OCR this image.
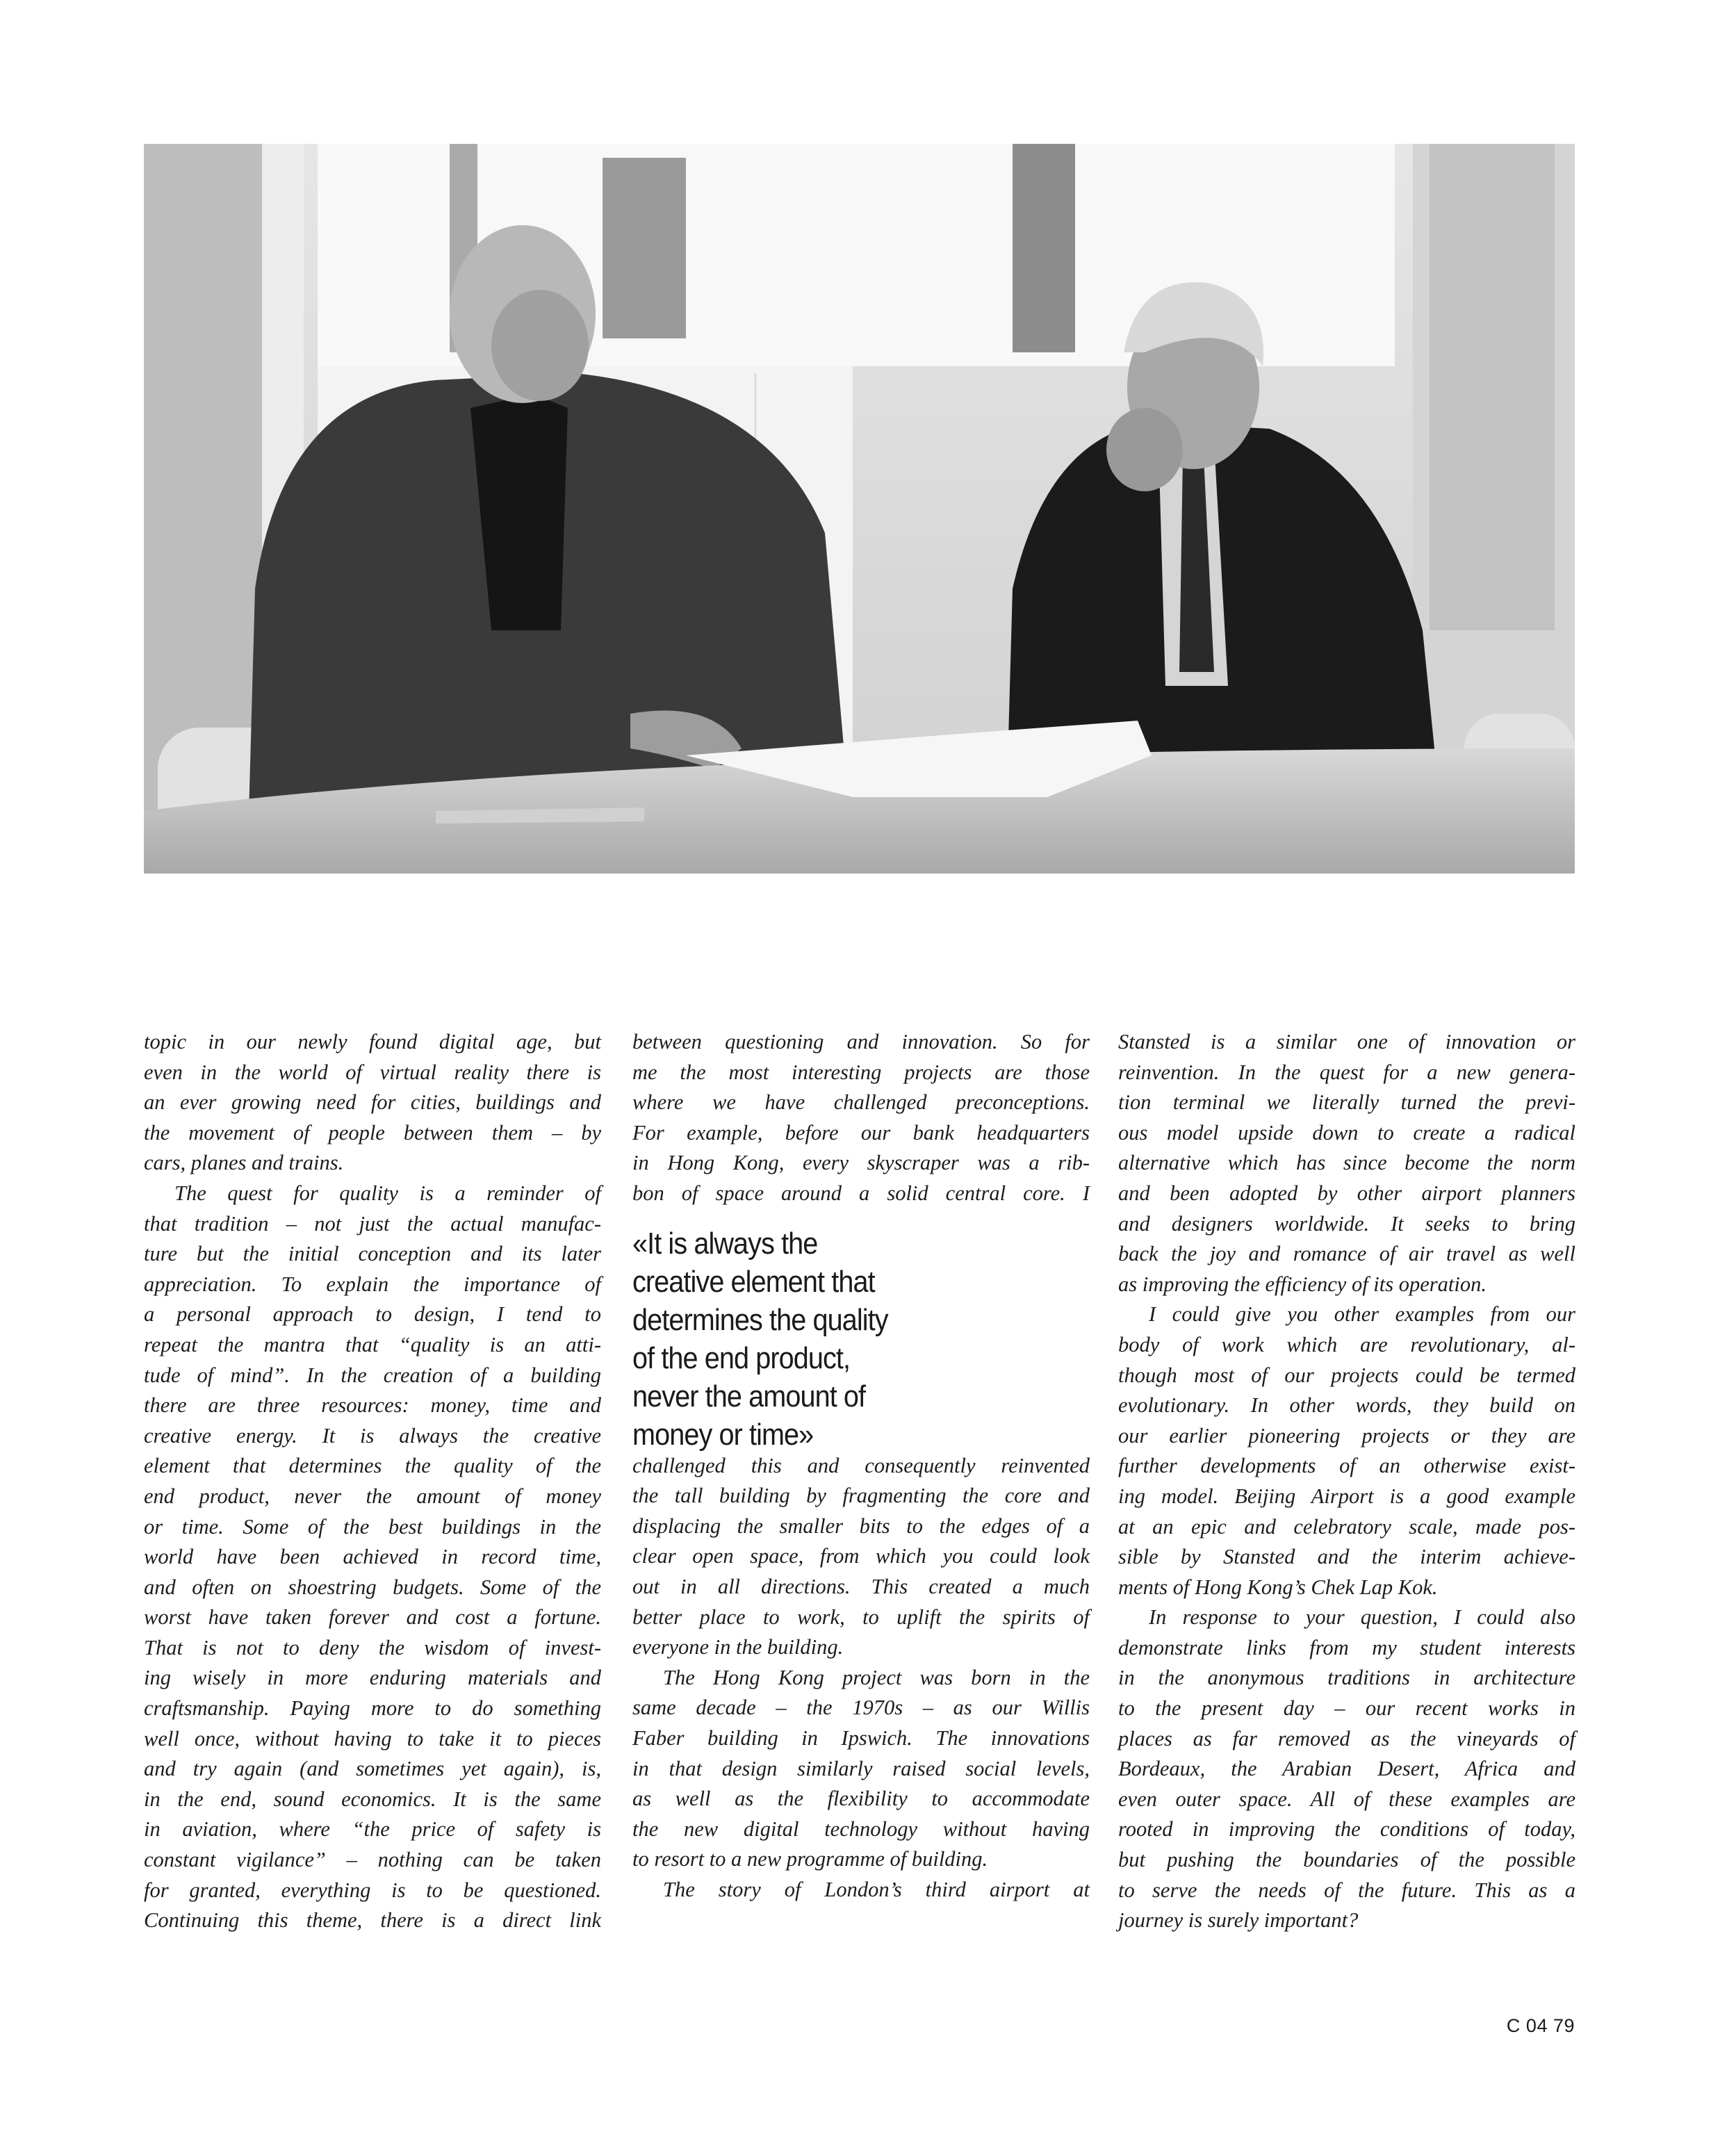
topic in our newly found digital age, but
even in the world of virtual reality there is
an ever growing need for cities, buildings and
the movement of people between them – by
cars, planes and trains.
The quest for quality is a reminder of
that tradition – not just the actual manufac-
ture but the initial conception and its later
appreciation. To explain the importance of
a personal approach to design, I tend to
repeat the mantra that “quality is an atti-
tude of mind”. In the creation of a building
there are three resources: money, time and
creative energy. It is always the creative
element that determines the quality of the
end product, never the amount of money
or time. Some of the best buildings in the
world have been achieved in record time,
and often on shoestring budgets. Some of the
worst have taken forever and cost a fortune.
That is not to deny the wisdom of invest-
ing wisely in more enduring materials and
craftsmanship. Paying more to do something
well once, without having to take it to pieces
and try again (and sometimes yet again), is,
in the end, sound economics. It is the same
in aviation, where “the price of safety is
constant vigilance” – nothing can be taken
for granted, everything is to be questioned.
Continuing this theme, there is a direct link
between questioning and innovation. So for
me the most interesting projects are those
where we have challenged preconceptions.
For example, before our bank headquarters
in Hong Kong, every skyscraper was a rib-
bon of space around a solid central core. I
«It is always the
creative element that
determines the quality
of the end product,
never the amount of
money or time»
challenged this and consequently reinvented
the tall building by fragmenting the core and
displacing the smaller bits to the edges of a
clear open space, from which you could look
out in all directions. This created a much
better place to work, to uplift the spirits of
everyone in the building.
The Hong Kong project was born in the
same decade – the 1970s – as our Willis
Faber building in Ipswich. The innovations
in that design similarly raised social levels,
as well as the flexibility to accommodate
the new digital technology without having
to resort to a new programme of building.
The story of London’s third airport at
Stansted is a similar one of innovation or
reinvention. In the quest for a new genera-
tion terminal we literally turned the previ-
ous model upside down to create a radical
alternative which has since become the norm
and been adopted by other airport planners
and designers worldwide. It seeks to bring
back the joy and romance of air travel as well
as improving the efficiency of its operation.
I could give you other examples from our
body of work which are revolutionary, al-
though most of our projects could be termed
evolutionary. In other words, they build on
our earlier pioneering projects or they are
further developments of an otherwise exist-
ing model. Beijing Airport is a good example
at an epic and celebratory scale, made pos-
sible by Stansted and the interim achieve-
ments of Hong Kong’s Chek Lap Kok.
In response to your question, I could also
demonstrate links from my student interests
in the anonymous traditions in architecture
to the present day – our recent works in
places as far removed as the vineyards of
Bordeaux, the Arabian Desert, Africa and
even outer space. All of these examples are
rooted in improving the conditions of today,
but pushing the boundaries of the possible
to serve the needs of the future. This as a
journey is surely important?
C 04 79
